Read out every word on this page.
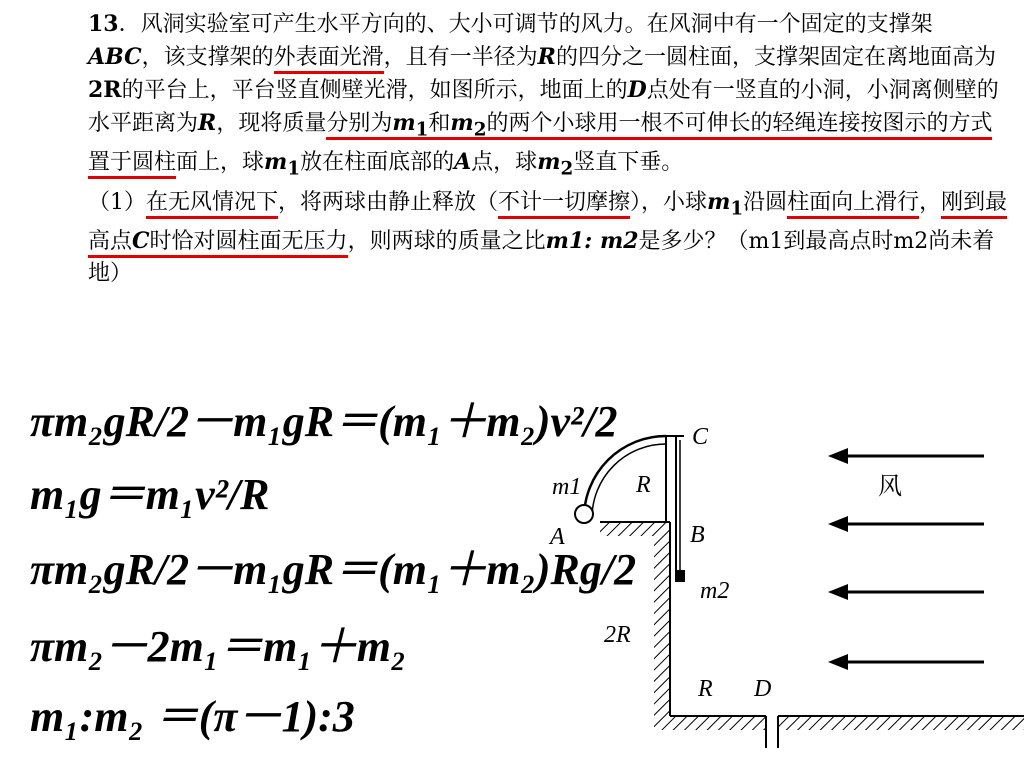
13．风洞实验室可产生水平方向的、大小可调节的风力。在风洞中有一个固定的支撑架ABC，该支撑架的外表面光滑，且有一半径为R的四分之一圆柱面，支撑架固定在离地面高为2R的平台上，平台竖直侧壁光滑，如图所示，地面上的D点处有一竖直的小洞，小洞离侧壁的水平距离为R，现将质量分别为$m_1$和$m_2$的两个小球用一根不可伸长的轻绳连接按图示的方式置于圆柱面上，球$m_1$放在柱面底部的A点，球$m_2$竖直下垂。

（1）在无风情况下，将两球由静止释放（不计一切摩擦），小球$m_1$沿圆柱面向上滑行，刚到最高点C时恰对圆柱面无压力，则两球的质量之比m1: m2是多少？（m1到最高点时m2尚未着地）

πm₂gR/2－m₁gR＝(m₁＋m₂)v²/2
m₁g＝m₁v²/R
πm₂gR/2－m₁gR＝(m₁＋m₂)Rg/2
πm₂－2m₁＝m₁＋m₂
m₁:m₂ ＝(π－1):3
C
R
m1
A	B
m2
2R
R D
风
